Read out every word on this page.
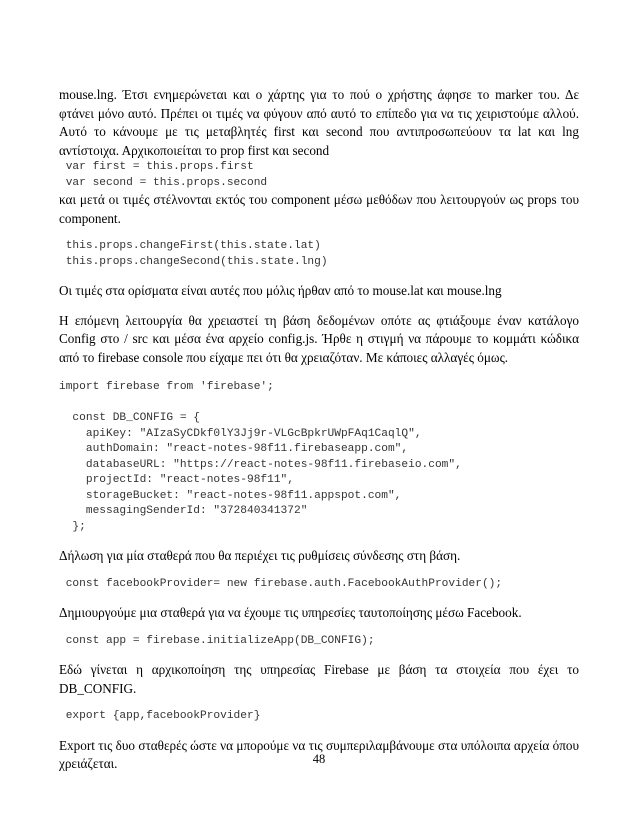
mouse.lng. Έτσι ενημερώνεται και ο χάρτης για το πού ο χρήστης άφησε το marker του. Δε φτάνει μόνο αυτό. Πρέπει οι τιμές να φύγουν από αυτό το επίπεδο για να τις χειριστούμε αλλού. Αυτό το κάνουμε με τις μεταβλητές first και second που αντιπροσωπεύουν τα lat και lng αντίστοιχα. Αρχικοποιείται το prop first και second

var first = this.props.first
var second = this.props.second

και μετά οι τιμές στέλνονται εκτός του component μέσω μεθόδων που λειτουργούν ως props του component.

this.props.changeFirst(this.state.lat)
this.props.changeSecond(this.state.lng)

Οι τιμές στα ορίσματα είναι αυτές που μόλις ήρθαν από το mouse.lat και mouse.lng

Η επόμενη λειτουργία θα χρειαστεί τη βάση δεδομένων οπότε ας φτιάξουμε έναν κατάλογο Config στο / src και μέσα ένα αρχείο config.js. Ήρθε η στιγμή να πάρουμε το κομμάτι κώδικα από το firebase console που είχαμε πει ότι θα χρειαζόταν. Με κάποιες αλλαγές όμως.

import firebase from 'firebase';

const DB_CONFIG = {
apiKey: "AIzaSyCDkf0lY3Jj9r-VLGcBpkrUWpFAq1CaqlQ",
authDomain: "react-notes-98f11.firebaseapp.com",
databaseURL: "https://react-notes-98f11.firebaseio.com",
projectId: "react-notes-98f11",
storageBucket: "react-notes-98f11.appspot.com",
messagingSenderId: "372840341372"
};

Δήλωση για μία σταθερά που θα περιέχει τις ρυθμίσεις σύνδεσης στη βάση.

const facebookProvider= new firebase.auth.FacebookAuthProvider();

Δημιουργούμε μια σταθερά για να έχουμε τις υπηρεσίες ταυτοποίησης μέσω Facebook.

const app = firebase.initializeApp(DB_CONFIG);

Εδώ γίνεται η αρχικοποίηση της υπηρεσίας Firebase με βάση τα στοιχεία που έχει το DB_CONFIG.

export {app,facebookProvider}

Export τις δυο σταθερές ώστε να μπορούμε να τις συμπεριλαμβάνουμε στα υπόλοιπα αρχεία όπου χρειάζεται.	48
